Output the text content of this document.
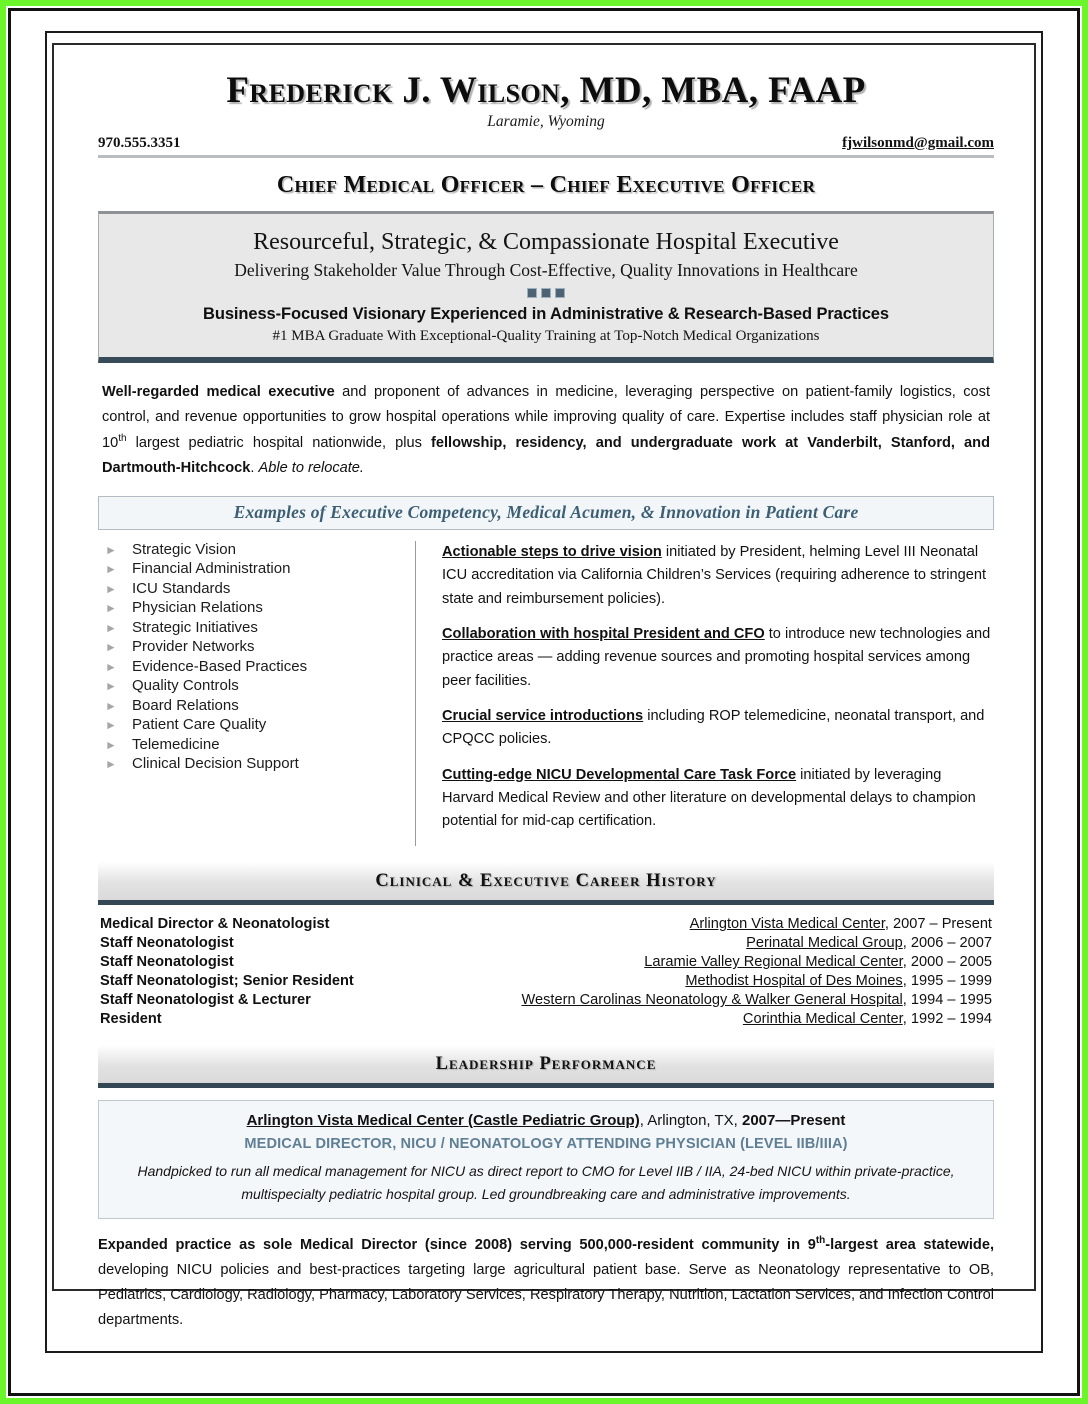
Frederick J. Wilson, MD, MBA, FAAP
Laramie, Wyoming
970.555.3351	fjwilsonmd@gmail.com
Chief Medical Officer – Chief Executive Officer
Resourceful, Strategic, & Compassionate Hospital Executive
Delivering Stakeholder Value Through Cost-Effective, Quality Innovations in Healthcare
Business-Focused Visionary Experienced in Administrative & Research-Based Practices
#1 MBA Graduate With Exceptional-Quality Training at Top-Notch Medical Organizations

Well-regarded medical executive and proponent of advances in medicine, leveraging perspective on patient-family logistics, cost control, and revenue opportunities to grow hospital operations while improving quality of care. Expertise includes staff physician role at 10th largest pediatric hospital nationwide, plus fellowship, residency, and undergraduate work at Vanderbilt, Stanford, and Dartmouth-Hitchcock. Able to relocate.

Examples of Executive Competency, Medical Acumen, & Innovation in Patient Care
►	Strategic Vision
►	Financial Administration
►	ICU Standards
►	Physician Relations
►	Strategic Initiatives
►	Provider Networks
►	Evidence-Based Practices
►	Quality Controls
►	Board Relations
►	Patient Care Quality
►	Telemedicine
►	Clinical Decision Support
Actionable steps to drive vision initiated by President, helming Level III Neonatal ICU accreditation via California Children’s Services (requiring adherence to stringent state and reimbursement policies).
Collaboration with hospital President and CFO to introduce new technologies and practice areas — adding revenue sources and promoting hospital services among peer facilities.
Crucial service introductions including ROP telemedicine, neonatal transport, and CPQCC policies.
Cutting-edge NICU Developmental Care Task Force initiated by leveraging Harvard Medical Review and other literature on developmental delays to champion potential for mid-cap certification.
Clinical & Executive Career History
Medical Director & Neonatologist	Arlington Vista Medical Center, 2007 – Present
Staff Neonatologist	Perinatal Medical Group, 2006 – 2007
Staff Neonatologist	Laramie Valley Regional Medical Center, 2000 – 2005
Staff Neonatologist; Senior Resident	Methodist Hospital of Des Moines, 1995 – 1999
Staff Neonatologist & Lecturer	Western Carolinas Neonatology & Walker General Hospital, 1994 – 1995
Resident	Corinthia Medical Center, 1992 – 1994
Leadership Performance
Arlington Vista Medical Center (Castle Pediatric Group), Arlington, TX, 2007—Present
MEDICAL DIRECTOR, NICU / NEONATOLOGY ATTENDING PHYSICIAN (LEVEL IIB/IIIA)
Handpicked to run all medical management for NICU as direct report to CMO for Level IIB / IIA, 24-bed NICU within private-practice, multispecialty pediatric hospital group. Led groundbreaking care and administrative improvements.

Expanded practice as sole Medical Director (since 2008) serving 500,000-resident community in 9th-largest area statewide, developing NICU policies and best-practices targeting large agricultural patient base. Serve as Neonatology representative to OB, Pediatrics, Cardiology, Radiology, Pharmacy, Laboratory Services, Respiratory Therapy, Nutrition, Lactation Services, and Infection Control departments.
